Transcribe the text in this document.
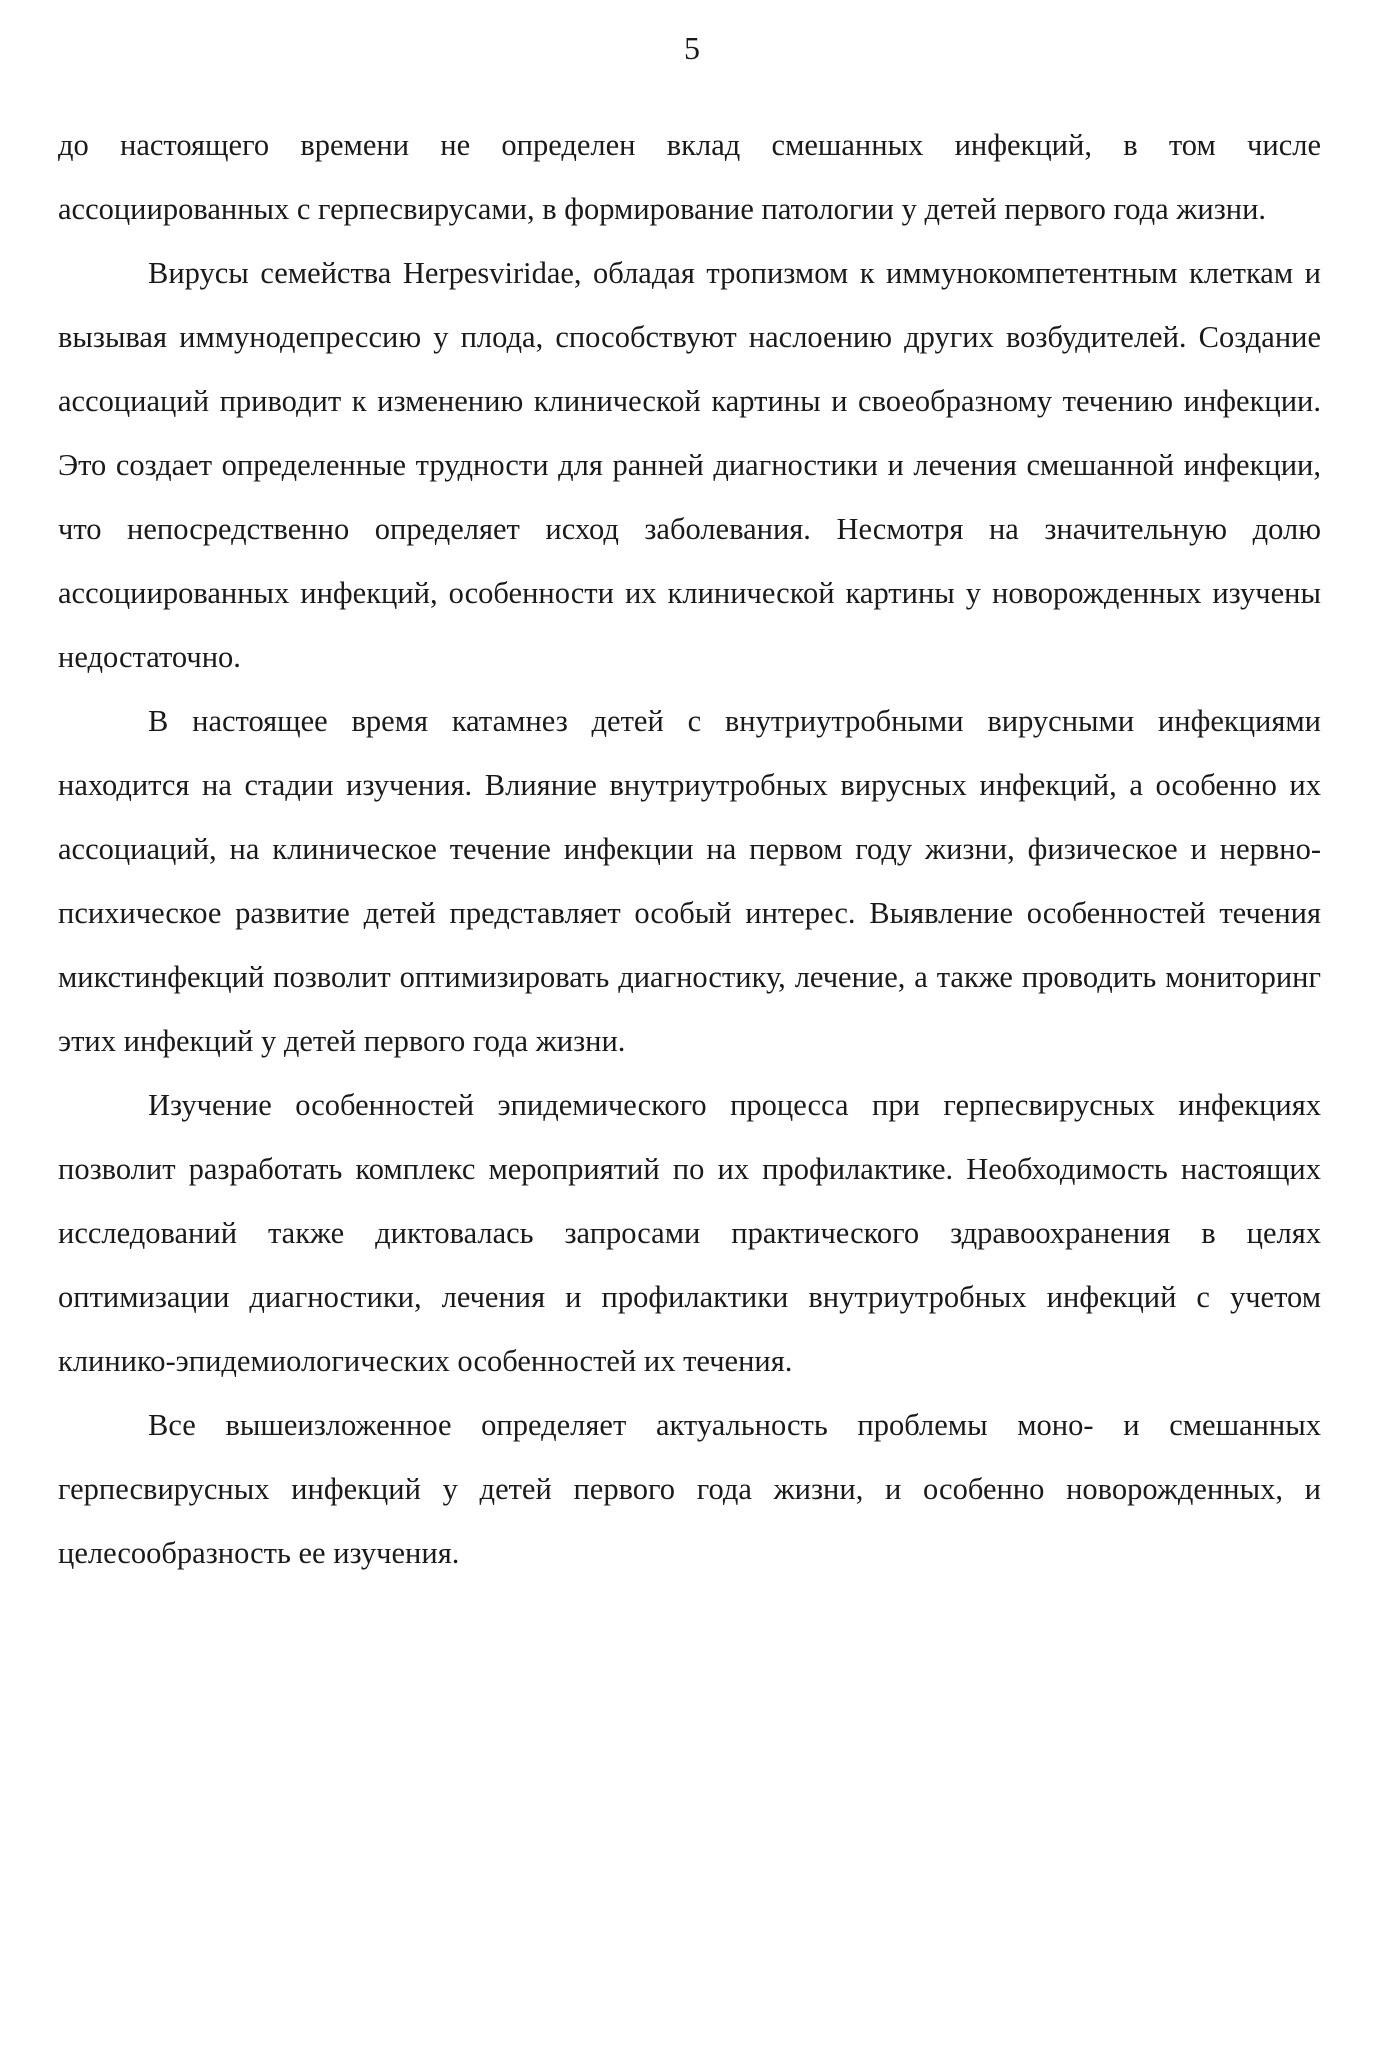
5

до настоящего времени не определен вклад смешанных инфекций, в том числе ассоциированных с герпесвирусами, в формирование патологии у детей первого года жизни.

Вирусы семейства Herpesviridae, обладая тропизмом к иммунокомпетентным клеткам и вызывая иммунодепрессию у плода, способствуют наслоению других возбудителей. Создание ассоциаций приводит к изменению клинической картины и своеобразному течению инфекции. Это создает определенные трудности для ранней диагностики и лечения смешанной инфекции, что непосредственно определяет исход заболевания. Несмотря на значительную долю ассоциированных инфекций, особенности их клинической картины у новорожденных изучены недостаточно.

В настоящее время катамнез детей с внутриутробными вирусными инфекциями находится на стадии изучения. Влияние внутриутробных вирусных инфекций, а особенно их ассоциаций, на клиническое течение инфекции на первом году жизни, физическое и нервно-психическое развитие детей представляет особый интерес. Выявление особенностей течения микстинфекций позволит оптимизировать диагностику, лечение, а также проводить мониторинг этих инфекций у детей первого года жизни.

Изучение особенностей эпидемического процесса при герпесвирусных инфекциях позволит разработать комплекс мероприятий по их профилактике. Необходимость настоящих исследований также диктовалась запросами практического здравоохранения в целях оптимизации диагностики, лечения и профилактики внутриутробных инфекций с учетом клинико-эпидемиологических особенностей их течения.

Все вышеизложенное определяет актуальность проблемы моно- и смешанных герпесвирусных инфекций у детей первого года жизни, и особенно новорожденных, и целесообразность ее изучения.
